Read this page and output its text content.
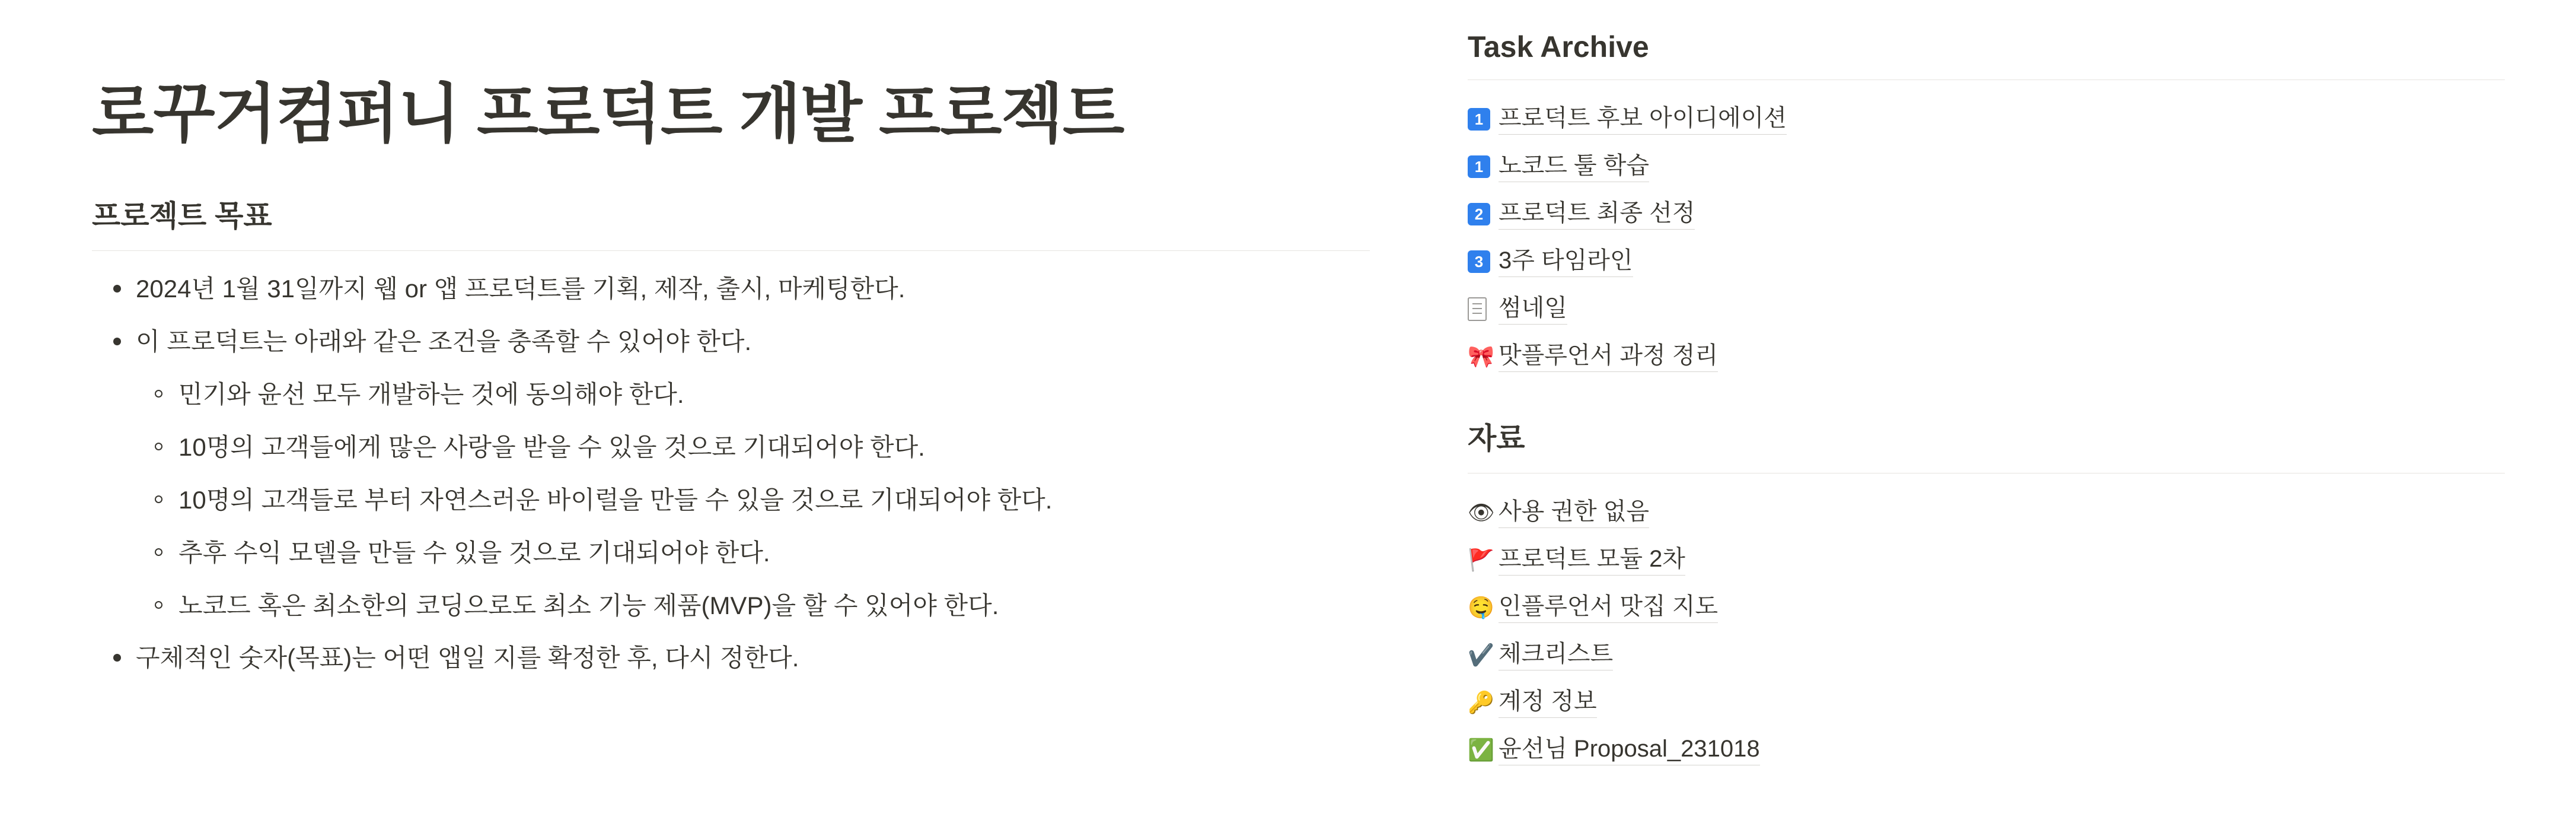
로꾸거컴퍼니 프로덕트 개발 프로젝트
프로젝트 목표
2024년 1월 31일까지 웹 or 앱 프로덕트를 기획, 제작, 출시, 마케팅한다.
이 프로덕트는 아래와 같은 조건을 충족할 수 있어야 한다.
민기와 윤선 모두 개발하는 것에 동의해야 한다.
10명의 고객들에게 많은 사랑을 받을 수 있을 것으로 기대되어야 한다.
10명의 고객들로 부터 자연스러운 바이럴을 만들 수 있을 것으로 기대되어야 한다.
추후 수익 모델을 만들 수 있을 것으로 기대되어야 한다.
노코드 혹은 최소한의 코딩으로도 최소 기능 제품(MVP)을 할 수 있어야 한다.
구체적인 숫자(목표)는 어떤 앱일 지를 확정한 후, 다시 정한다.
Task Archive
1 프로덕트 후보 아이디에이션
1 노코드 툴 학습
2 프로덕트 최종 선정
3 3주 타임라인
썸네일
🎀 맛플루언서 과정 정리
자료
👁 사용 권한 없음
🚩 프로덕트 모듈 2차
🤤 인플루언서 맛집 지도
✔️ 체크리스트
🔑 계정 정보
✅ 윤선님 Proposal_231018
